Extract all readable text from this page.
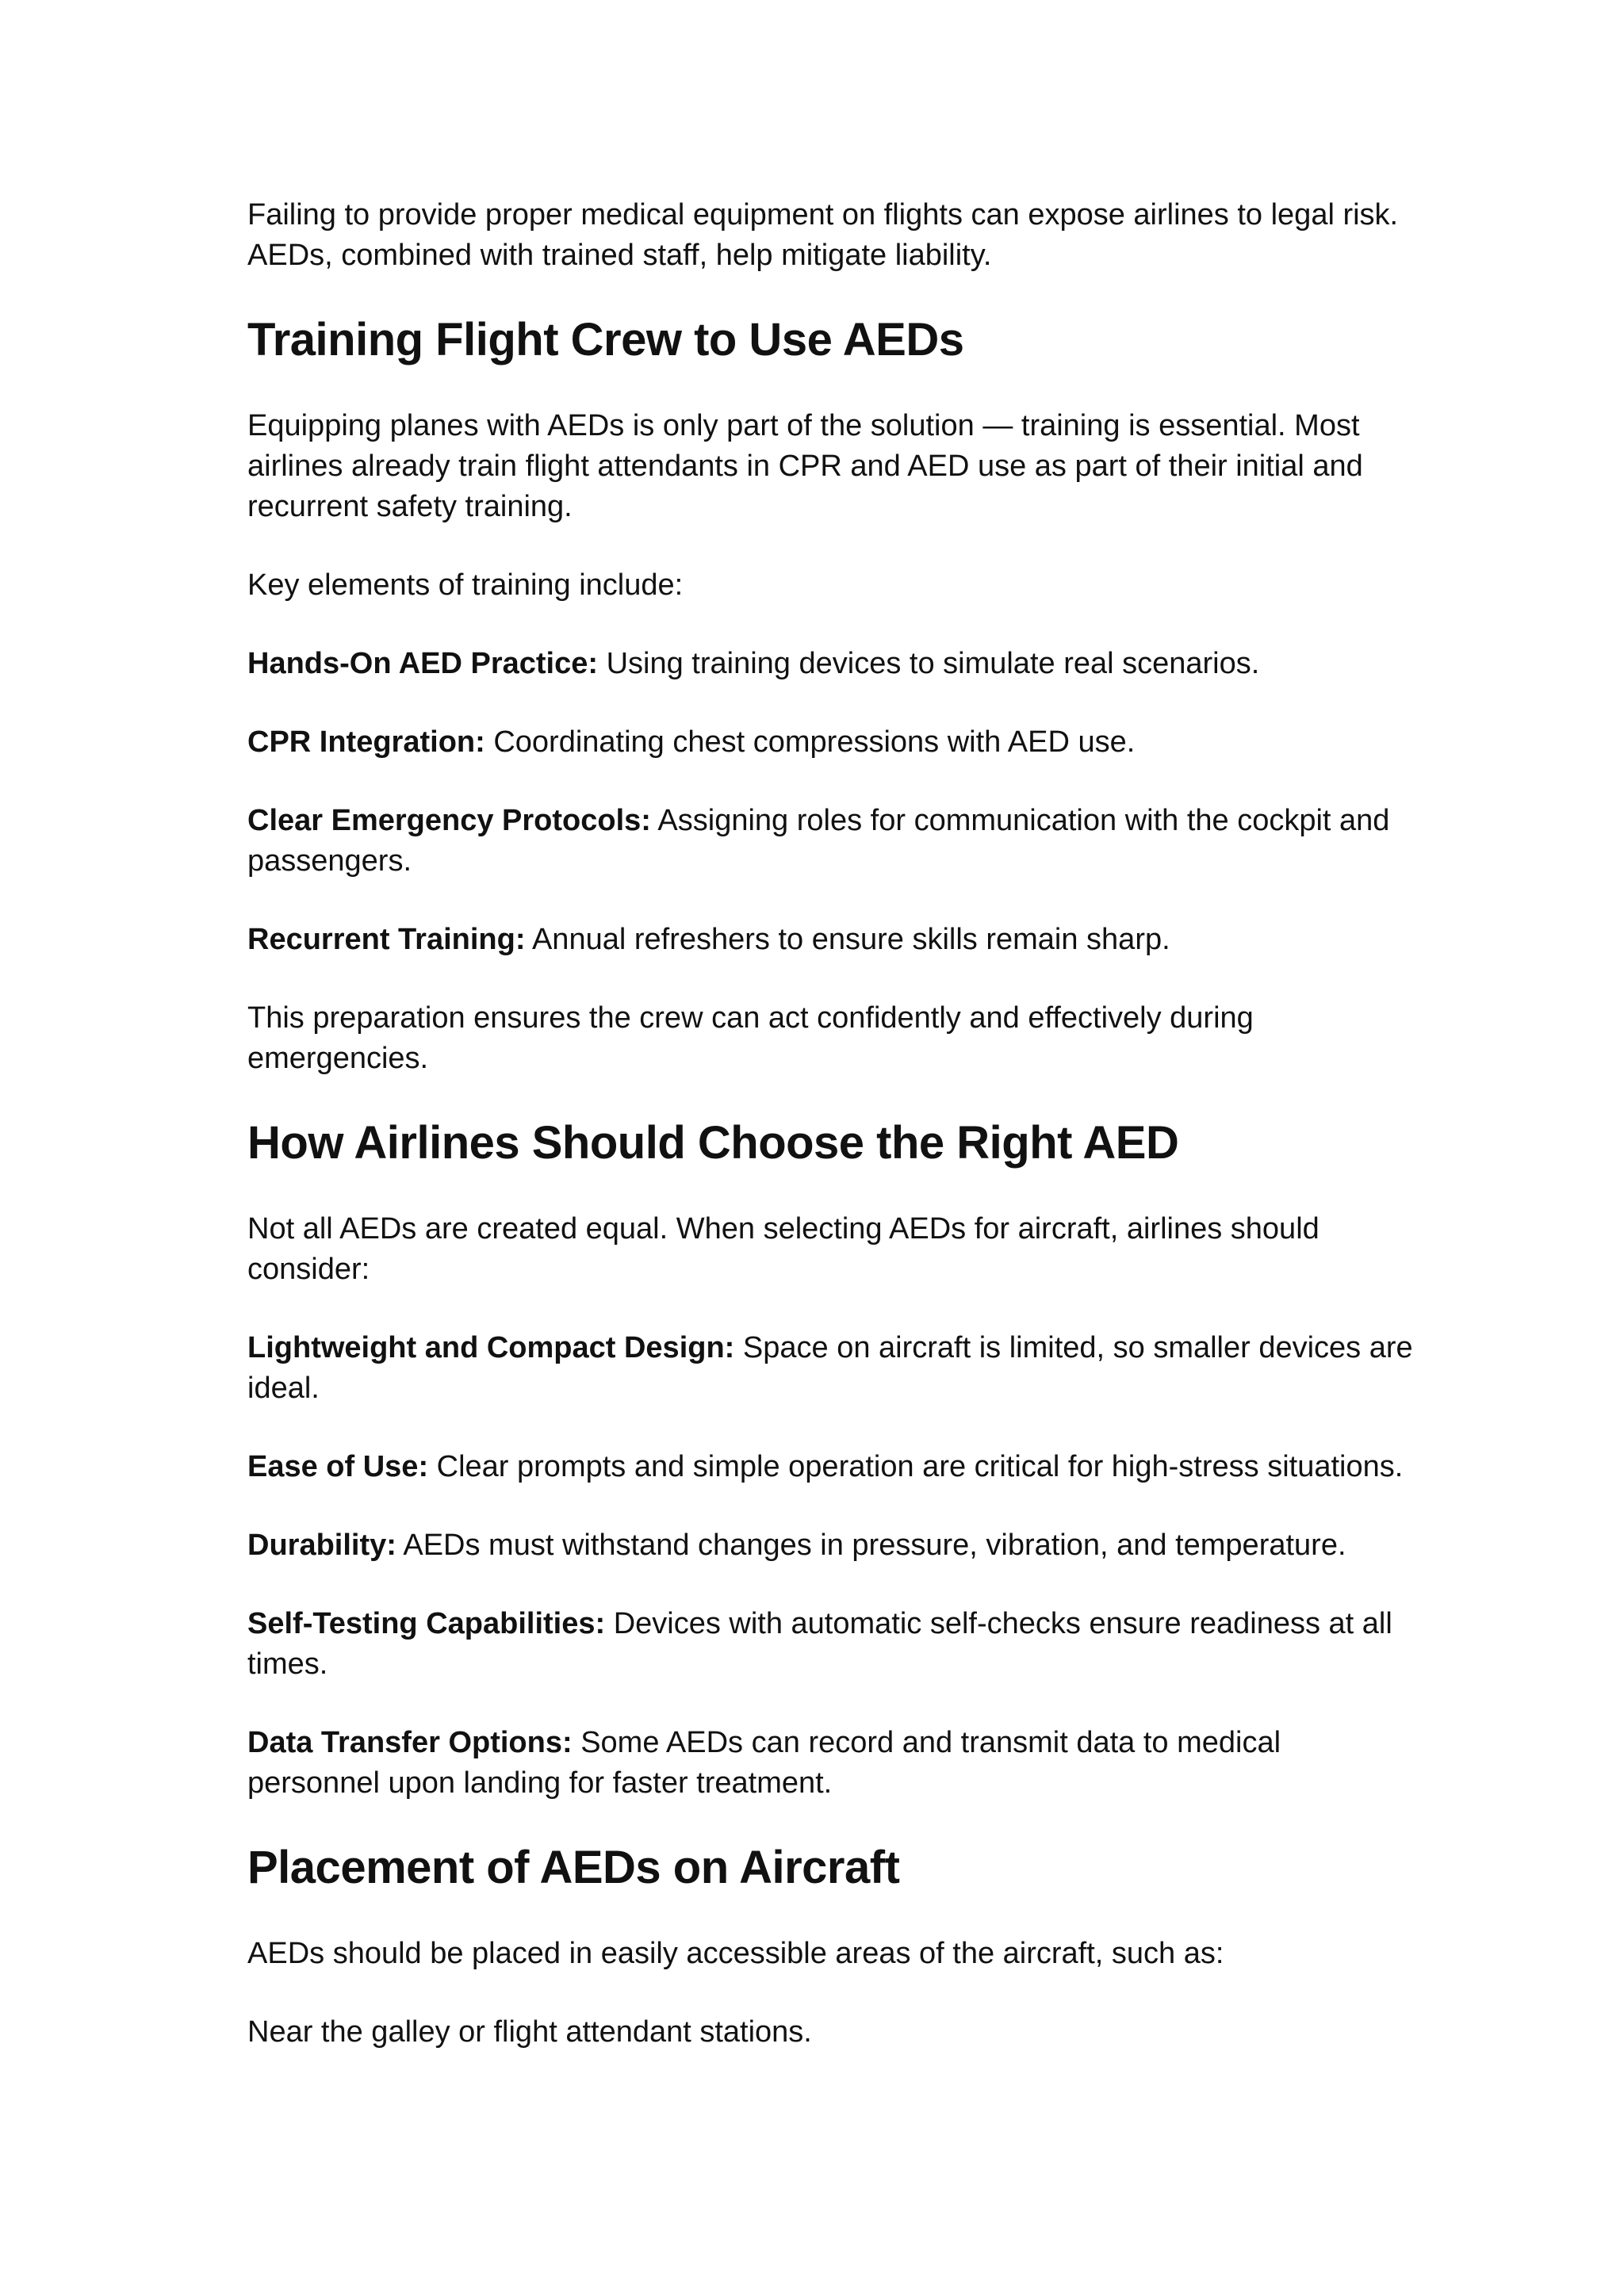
Failing to provide proper medical equipment on flights can expose airlines to legal risk. AEDs, combined with trained staff, help mitigate liability.

Training Flight Crew to Use AEDs

Equipping planes with AEDs is only part of the solution — training is essential. Most airlines already train flight attendants in CPR and AED use as part of their initial and recurrent safety training.

Key elements of training include:

Hands-On AED Practice: Using training devices to simulate real scenarios.

CPR Integration: Coordinating chest compressions with AED use.

Clear Emergency Protocols: Assigning roles for communication with the cockpit and passengers.

Recurrent Training: Annual refreshers to ensure skills remain sharp.

This preparation ensures the crew can act confidently and effectively during emergencies.

How Airlines Should Choose the Right AED

Not all AEDs are created equal. When selecting AEDs for aircraft, airlines should consider:

Lightweight and Compact Design: Space on aircraft is limited, so smaller devices are ideal.

Ease of Use: Clear prompts and simple operation are critical for high-stress situations.

Durability: AEDs must withstand changes in pressure, vibration, and temperature.

Self-Testing Capabilities: Devices with automatic self-checks ensure readiness at all times.

Data Transfer Options: Some AEDs can record and transmit data to medical personnel upon landing for faster treatment.

Placement of AEDs on Aircraft

AEDs should be placed in easily accessible areas of the aircraft, such as:

Near the galley or flight attendant stations.
